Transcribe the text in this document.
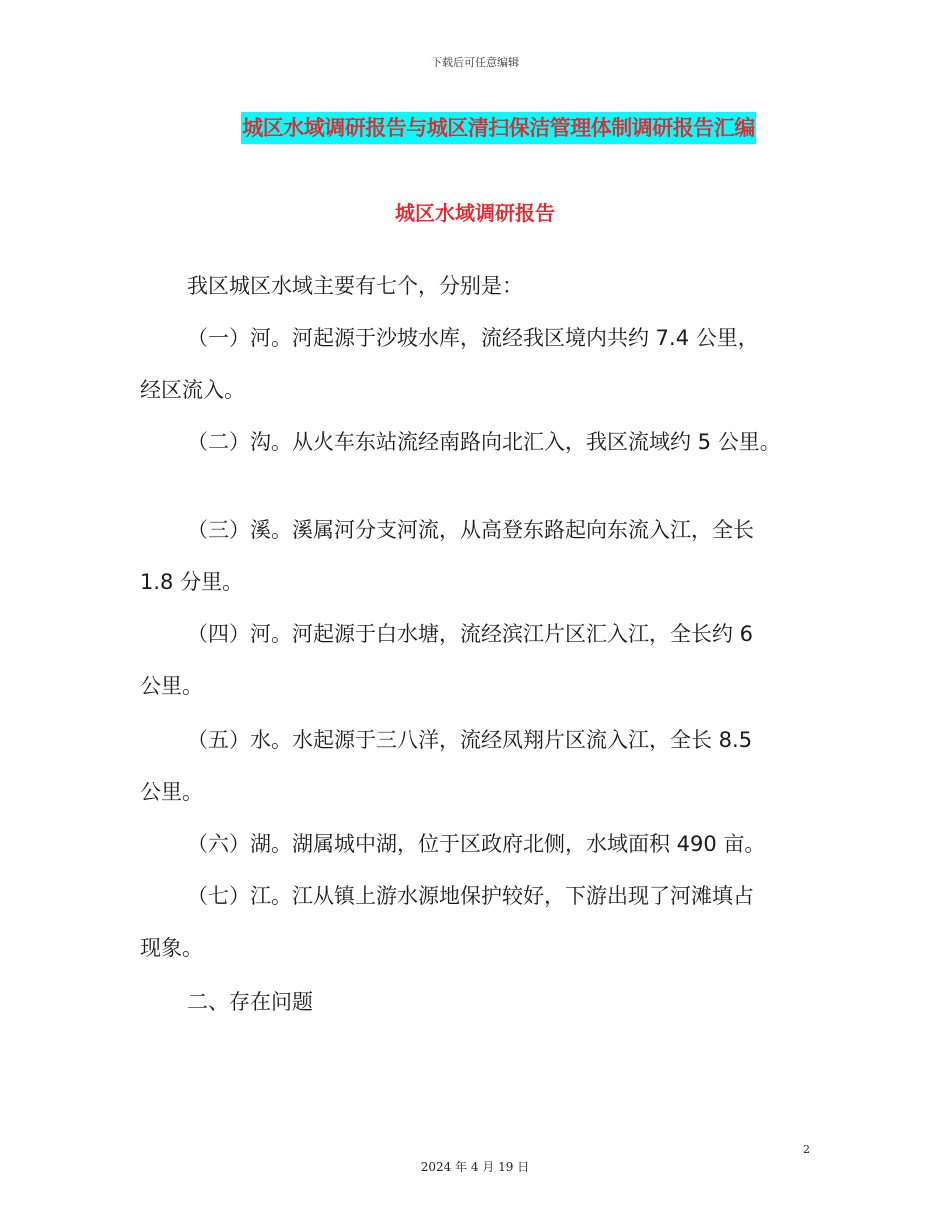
下载后可任意编辑
城区水域调研报告与城区清扫保洁管理体制调研报告汇编
城区水域调研报告
我区城区水域主要有七个，分别是：
（一）河。河起源于沙坡水库，流经我区境内共约 7.4 公里，
经区流入。
（二）沟。从火车东站流经南路向北汇入，我区流域约 5 公里。
（三）溪。溪属河分支河流，从高登东路起向东流入江，全长
1.8 分里。
（四）河。河起源于白水塘，流经滨江片区汇入江，全长约 6
公里。
（五）水。水起源于三八洋，流经凤翔片区流入江，全长 8.5
公里。
（六）湖。湖属城中湖，位于区政府北侧，水域面积 490 亩。
（七）江。江从镇上游水源地保护较好，下游出现了河滩填占
现象。
二、存在问题
2
2024 年 4 月 19 日
